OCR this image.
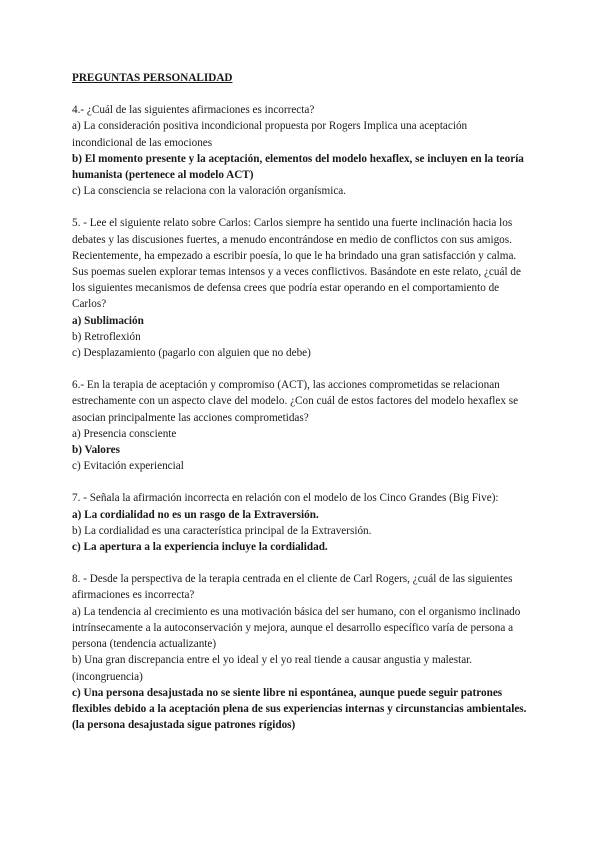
PREGUNTAS PERSONALIDAD

4.- ¿Cuál de las siguientes afirmaciones es incorrecta?

a) La consideración positiva incondicional propuesta por Rogers Implica una aceptación incondicional de las emociones

b) El momento presente y la aceptación, elementos del modelo hexaflex, se incluyen en la teoría humanista (pertenece al modelo ACT)

c) La consciencia se relaciona con la valoración organísmica.

5. - Lee el siguiente relato sobre Carlos: Carlos siempre ha sentido una fuerte inclinación hacia los debates y las discusiones fuertes, a menudo encontrándose en medio de conflictos con sus amigos. Recientemente, ha empezado a escribir poesía, lo que le ha brindado una gran satisfacción y calma. Sus poemas suelen explorar temas intensos y a veces conflictivos. Basándote en este relato, ¿cuál de los siguientes mecanismos de defensa crees que podría estar operando en el comportamiento de Carlos?

a) Sublimación

b) Retroflexión

c) Desplazamiento (pagarlo con alguien que no debe)

6.- En la terapia de aceptación y compromiso (ACT), las acciones comprometidas se relacionan estrechamente con un aspecto clave del modelo. ¿Con cuál de estos factores del modelo hexaflex se asocian principalmente las acciones comprometidas?

a) Presencia consciente

b) Valores

c) Evitación experiencial

7. - Señala la afirmación incorrecta en relación con el modelo de los Cinco Grandes (Big Five):

a) La cordialidad no es un rasgo de la Extraversión.

b) La cordialidad es una característica principal de la Extraversión.

c) La apertura a la experiencia incluye la cordialidad.

8. - Desde la perspectiva de la terapia centrada en el cliente de Carl Rogers, ¿cuál de las siguientes afirmaciones es incorrecta?

a) La tendencia al crecimiento es una motivación básica del ser humano, con el organismo inclinado intrínsecamente a la autoconservación y mejora, aunque el desarrollo específico varía de persona a persona (tendencia actualizante)

b) Una gran discrepancia entre el yo ideal y el yo real tiende a causar angustia y malestar. (incongruencia)

c) Una persona desajustada no se siente libre ni espontánea, aunque puede seguir patrones flexibles debido a la aceptación plena de sus experiencias internas y circunstancias ambientales. (la persona desajustada sigue patrones rígidos)
